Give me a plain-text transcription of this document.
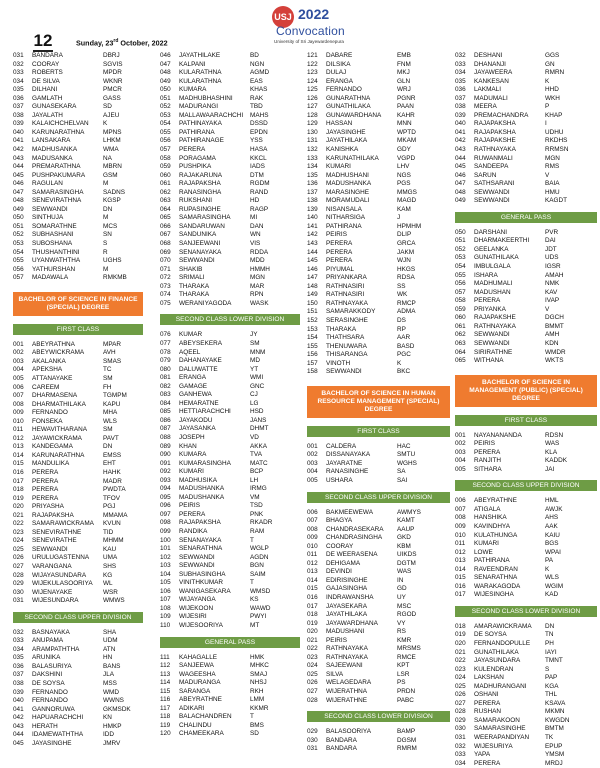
12	Sunday, 23rd October, 2022
USJ 2022
Convocation
University of Sri Jayewardenepura
031	BANDARA	DBRJ
032	COORAY	SGVIS
033	ROBERTS	MPDR
034	DE SILVA	WKNR
035	DILHANI	PMCR
036	GAMLATH	GASS
037	GUNASEKARA	SD
038	JAYALATH	AJEU
039	KALAICHCHELVAN	K
040	KARUNARATHNA	MPNS
041	LANSAKARA	LHKM
042	MADHUSANKA	WMA
043	MADUSANKA	NA
044	PREMARATHNA	MBRN
045	PUSHPAKUMARA	GSM
046	RAGULAN	M
047	SAMARASINGHA	SADNS
048	SENEVIRATHNA	KGSP
049	SEWWANDI	DN
050	SINTHUJA	M
051	SOMARATHNE	MCS
052	SUBHASHANI	SN
053	SUBOSHANA	S
054	THUSHANTHINI	R
055	UYANWATHTHA	UGHS
056	YATHURSHAN	M
057	MADAWALA	RMKMB
BACHELOR OF SCIENCE IN FINANCE (SPECIAL) DEGREE
FIRST CLASS
001	ABEYRATHNA	MPAR
002	ABEYWICKRAMA	AVH
003	AKALANKA	SMAS
004	APEKSHA	TC
005	ATTANAYAKE	SM
006	CAREEM	FH
007	DHARMASENA	TGMPM
008	DHARMATHILAKA	KAPU
009	FERNANDO	MHA
010	FONSEKA	WLS
011	HEWAVITHARANA	SM
012	JAYAWICKRAMA	PAVT
013	KANDEGAMA	DN
014	KARUNARATHNA	EMSS
015	MANDULIKA	EHT
016	PERERA	HAHK
017	PERERA	MADR
018	PERERA	PWDTA
019	PERERA	TFOV
020	PRIYASHA	PGJ
021	RAJAPAKSHA	MMAMA
022	SAMARAWICKRAMA	KVUN
023	SENEVIRATHNE	TID
024	SENEVIRATHE	MHMM
025	SEWWANDI	KAU
026	URULUGASTENNA	UMA
027	VARANGANA	SHS
028	WIJAYASUNDARA	KG
029	WIJEKULASOORIYA	WL
030	WIJENAYAKE	WSR
031	WIJESUNDARA	WMWS
SECOND CLASS UPPER DIVISION
032	BASNAYAKA	SHA
033	ANUPAMA	UDM
034	ARAMPATHTHA	ATN
035	ARUNIKA	HN
036	BALASURIYA	BANS
037	DAKSHINI	JLA
038	DE SOYSA	MSS
039	FERNANDO	WMD
040	FERNANDO	WWNS
041	GANNORUWA	GKMSDK
042	HAPUARACHCHI	KN
043	HERATH	HMKP
044	IDAMEWATHTHA	IDD
045	JAYASINGHE	JMRV
046	JAYATHILAKE	BD
047	KALPANI	NGN
048	KULARATHNA	AGMD
049	KULARATHNA	EAS
050	KUMARA	KHAS
051	MADHUBHASHINI	RAK
052	MADURANGI	TBD
053	MALLAWAARACHCHI	MAHS
054	PATHINAYAKA	DSSD
055	PATHIRANA	EPDN
056	PATHIRANAGE	YSS
057	PERERA	HASA
058	PORAGAMA	KKCL
059	PUSHPIKA	IADS
060	RAJAKARUNA	DTM
061	RAJAPAKSHA	RGDM
062	RANASINGHA	RAND
063	RUKSHANI	HD
064	RUPASINGHE	RAGP
065	SAMARASINGHA	MI
066	SANDARUWAN	DAN
067	SANDUNIKA	WN
068	SANJEEWANI	VIS
069	SENANAYAKA	RDDA
070	SEWWANDI	MDD
071	SHAKIB	HMMH
072	SRIMALI	MGN
073	THARAKA	MAR
074	THARAKA	RPN
075	WERANIYAGODA	WASK
SECOND CLASS LOWER DIVISION
076	KUMAR	JY
077	ABEYSEKERA	SM
078	AQEEL	MNM
079	DAHANAYAKE	MD
080	DALUWATTE	YT
081	ERANGA	WMI
082	GAMAGE	GNC
083	GANHEWA	CJ
084	HEMARATNE	LG
085	HETTIARACHCHI	HSD
086	JAYAKODU	JANS
087	JAYASANKA	DHMT
088	JOSEPH	VD
089	KHAN	AKKA
090	KUMARA	TVA
091	KUMARASINGHA	MATC
092	KUMARI	BCP
093	MADHUSIKA	LH
094	MADUSHANKA	IRMG
095	MADUSHANKA	VM
096	PEIRIS	TSD
097	PERERA	PNK
098	RAJAPAKSHA	RKADR
099	RANDIKA	RAM
100	SENANAYAKA	T
101	SENARATHNA	WGLP
102	SEWWANDI	AGDN
103	SEWWANDI	BGN
104	SUBHASINGHA	SAIM
105	VINITHKUMAR	T
106	WANIGASEKARA	WMSD
107	WIJAYANGA	KS
108	WIJEKOON	WAWD
109	WIJESIRI	PWYI
110	WIJESOORIYA	MT
GENERAL PASS
111	KAHAGALLE	HMK
112	SANJEEWA	MHKC
113	WAGEESHA	SMAJ
114	MADURANGA	NHSJ
115	SARANGA	RKH
116	ABEYRATHNE	LMM
117	ADIKARI	KKMR
118	BALACHANDREN	T
119	CHALINDU	BMS
120	CHAMEEKARA	SD
121	DABARE	EMB
122	DILSIKA	FNM
123	DULAJ	MKJ
124	ERANGA	GLN
125	FERNANDO	WRJ
126	GUNARATHNA	PGNR
127	GUNATHILAKA	PAAN
128	GUNAWARDHANA	KAHR
129	HASSAN	MNN
130	JAYASINGHE	WPTD
131	JAYATHILAKA	MKAM
132	KANISHKA	GDY
133	KARUNATHILAKA	VGPD
134	KUMARI	LHV
135	MADHUSHANI	NGS
136	MADUSHANKA	PGS
137	MARASINGHE	MMGS
138	MORAMUDALI	MAGD
139	NISANSALA	KAM
140	NITHARSIGA	J
141	PATHIRANA	HPMHM
142	PEIRIS	DLIP
143	PERERA	GRCA
144	PERERA	JAKM
145	PERERA	WJN
146	PIYUMAL	HKGS
147	PRIYANKARA	RDSA
148	RATHNASIRI	SS
149	RATHNASIRI	WK
150	RATHNAYAKA	RMCP
151	SAMARAKKODY	ADMA
152	SERASINGHE	DS
153	THARAKA	RP
154	THATHSARA	AAR
155	THENUWARA	BASD
156	THISARANGA	PGC
157	VINOTH	K
158	SEWWANDI	BKC
BACHELOR OF SCIENCE IN HUMAN RESOURCE MANAGEMENT (SPECIAL) DEGREE
FIRST CLASS
001	CALDERA	HAC
002	DISSANAYAKA	SMTU
003	JAYARATNE	WGHS
004	RANASINGHE	SA
005	USHARA	SAI
SECOND CLASS UPPER DIVISION
006	BAKMEEWEWA	AWMYS
007	BHAGYA	KAMT
008	CHANDRASEKARA	AAUP
009	CHANDRASINGHA	GKD
010	COORAY	KBM
011	DE WEERASENA	UIKDS
012	DEHIGAMA	DGTM
013	DEVINDI	WAS
014	EDIRISINGHE	IN
015	GAJASINGHA	GD
016	INDRAWANSHA	UY
017	JAYASEKARA	MSC
018	JAYATHILAKA	RGOD
019	JAYAWARDHANA	VY
020	MADUSHANI	RS
021	PEIRIS	KMR
022	RATHNAYAKA	MRSMS
023	RATHNAYAKA	RMCE
024	SAJEEWANI	KPT
025	SILVA	LSR
026	WELAGEDARA	PS
027	WIJERATHNA	PRDN
028	WIJERATHNE	PABC
SECOND CLASS LOWER DIVISION
029	BALASOORIYA	BAMP
030	BANDARA	DGSM
031	BANDARA	RMRM
032	DESHANI	GGS
033	DHANANJI	GN
034	JAYAWEERA	RMRN
035	KANKESAN	K
036	LAKMALI	HHD
037	MADUMALI	WKH
038	MEERA	P
039	PREMACHANDRA	KHAP
040	RAJAPAKSHA	I
041	RAJAPAKSHA	UDHU
042	RAJAPAKSHE	RKDHS
043	RATHNAYAKA	RRMSN
044	RUWANMALI	MGN
045	SANDEEPA	RMS
046	SARUN	V
047	SATHSARANI	BAIA
048	SEWWANDI	HMU
049	SEWWANDI	KAGDT
GENERAL PASS
050	DARSHANI	PVR
051	DHARMAKEERTHI	DAI
052	GEELANKA	JDT
053	GUNATHILAKA	UDS
054	IMBULGALA	IGSR
055	ISHARA	AMAH
056	MADHUMALI	NMK
057	MADUSHAN	KAV
058	PERERA	IVAP
059	PRIYANKA	V
060	RAJAPAKSHE	DGCH
061	RATHNAYAKA	BMMT
062	SEWWANDI	AMH
063	SEWWANDI	KDN
064	SIRIRATHNE	WMDR
065	WITHANA	WKTS
BACHELOR OF SCIENCE IN MANAGEMENT (PUBLIC) (SPECIAL) DEGREE
FIRST CLASS
001	NAYANANANDA	RDSN
002	PEIRIS	WAS
003	PERERA	KLA
004	RANJITH	KADDK
005	SITHARA	JAI
SECOND CLASS UPPER DIVISION
006	ABEYRATHNE	HML
007	ATIGALA	AWJK
008	HANSHIKA	AHS
009	KAVINDHYA	AAK
010	KULATHUNGA	KAIU
011	KUMARI	BGS
012	LOWE	WPAI
013	PATHIRANA	PA
014	RAVEENDRAN	K
015	SENARATHNA	WLS
016	WARAKAGODA	WGIM
017	WIJESINGHA	KAD
SECOND CLASS LOWER DIVISION
018	AMARAWICKRAMA	DN
019	DE SOYSA	TN
020	FERNANDOPULLE	PH
021	GUNATHILAKA	IAYI
022	JAYASUNDARA	TMNT
023	KULENDRAN	S
024	LAKSHAN	PAP
025	MADHURANGANI	KGA
026	OSHANI	THL
027	PERERA	KSAVA
028	RUSHAN	MKMN
029	SAMARAKOON	KWGDN
030	SAMARASINGHE	BMTM
031	WEERAPANDIYAN	TK
032	WIJESURIYA	EPUP
033	YAPA	YMSM
034	PERERA	MRDJ
